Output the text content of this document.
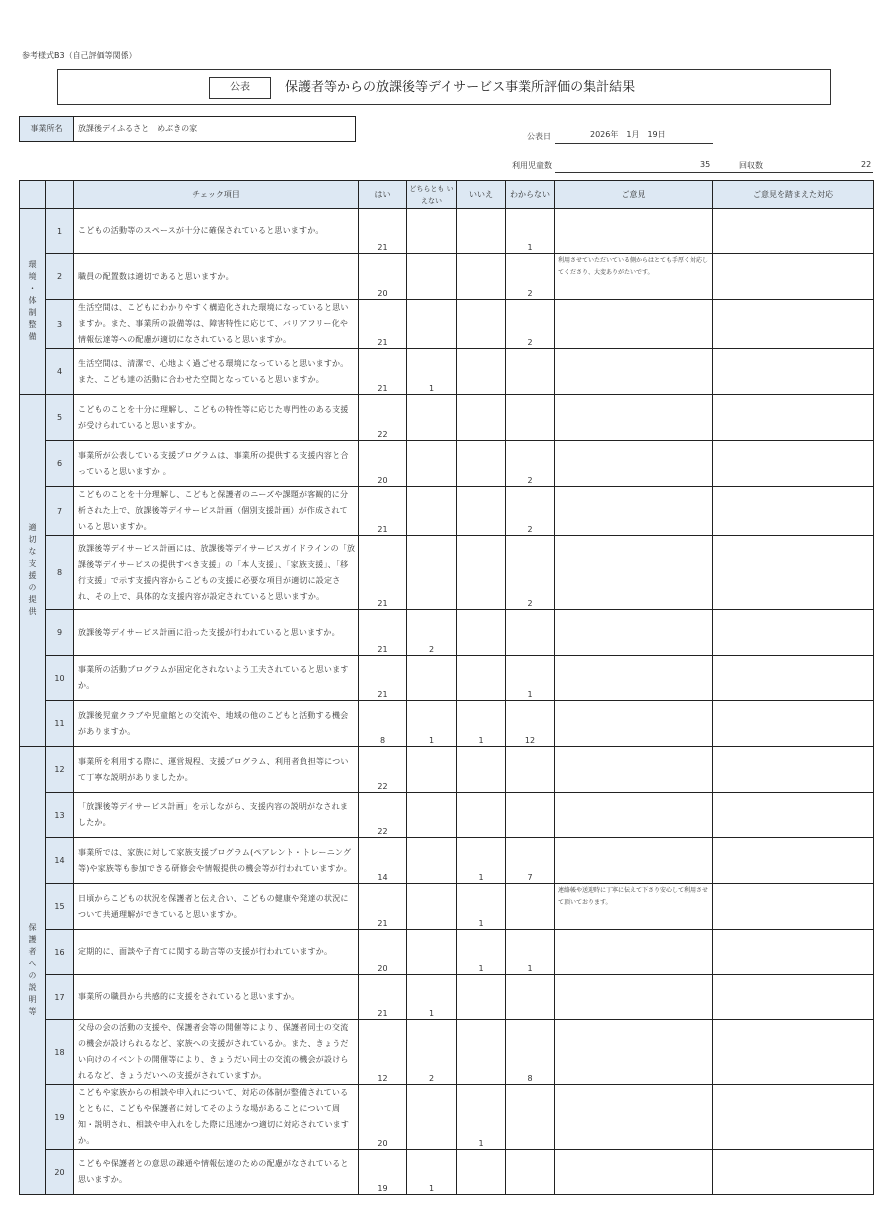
参考様式B3（自己評価等関係）
公表	保護者等からの放課後等デイサービス事業所評価の集計結果
事業所名	放課後デイふるさと　めぶきの家
公表日	2026年　1月　19日
利用児童数	35	回収数	22
		チェック項目	はい	どちらとも いえない	いいえ	わからない	ご意見	ご意見を踏まえた対応
環境・体制整備	1	こどもの活動等のスペースが十分に確保されていると思いますか。	21			1		
	2	職員の配置数は適切であると思いますか。	20			2	利用させていただいている側からはとても手厚く対応してくださり、大変ありがたいです。	
	3	生活空間は、こどもにわかりやすく構造化された環境になっていると思いますか。また、事業所の設備等は、障害特性に応じて、バリアフリー化や情報伝達等への配慮が適切になされていると思いますか。	21			2		
	4	生活空間は、清潔で、心地よく過ごせる環境になっていると思いますか。また、こども達の活動に合わせた空間となっていると思いますか。	21	1				
適切な支援の提供	5	こどものことを十分に理解し、こどもの特性等に応じた専門性のある支援が受けられていると思いますか。	22					
	6	事業所が公表している支援プログラムは、事業所の提供する支援内容と合っていると思いますか 。	20			2		
	7	こどものことを十分理解し、こどもと保護者のニーズや課題が客観的に分析された上で、放課後等デイサービス計画（個別支援計画）が作成されていると思いますか。	21			2		
	8	放課後等デイサービス計画には、放課後等デイサービスガイドラインの「放課後等デイサービスの提供すべき支援」の「本人支援」、「家族支援」、「移行支援」で示す支援内容からこどもの支援に必要な項目が適切に設定され、その上で、具体的な支援内容が設定されていると思いますか。	21			2		
	9	放課後等デイサービス計画に沿った支援が行われていると思いますか。	21	2				
	10	事業所の活動プログラムが固定化されないよう工夫されていると思いますか。	21			1		
	11	放課後児童クラブや児童館との交流や、地域の他のこどもと活動する機会がありますか。	8	1	1	12		
保護者への説明等	12	事業所を利用する際に、運営規程、支援プログラム、利用者負担等について丁寧な説明がありましたか。	22					
	13	「放課後等デイサービス計画」を示しながら、支援内容の説明がなされましたか。	22					
	14	事業所では、家族に対して家族支援プログラム(ペアレント・トレーニング等)や家族等も参加できる研修会や情報提供の機会等が行われていますか。	14		1	7		
	15	日頃からこどもの状況を保護者と伝え合い、こどもの健康や発達の状況について共通理解ができていると思いますか。	21		1		連絡帳や送迎時に丁寧に伝えて下さり安心して利用させて頂いております。	
	16	定期的に、面談や子育てに関する助言等の支援が行われていますか。	20		1	1		
	17	事業所の職員から共感的に支援をされていると思いますか。	21	1				
	18	父母の会の活動の支援や、保護者会等の開催等により、保護者同士の交流の機会が設けられるなど、家族への支援がされているか。また、きょうだい向けのイベントの開催等により、きょうだい同士の交流の機会が設けられるなど、きょうだいへの支援がされていますか。	12	2		8		
	19	こどもや家族からの相談や申入れについて、対応の体制が整備されているとともに、こどもや保護者に対してそのような場があることについて周知・説明され、相談や申入れをした際に迅速かつ適切に対応されていますか。	20		1			
	20	こどもや保護者との意思の疎通や情報伝達のための配慮がなされていると思いますか。	19	1				
